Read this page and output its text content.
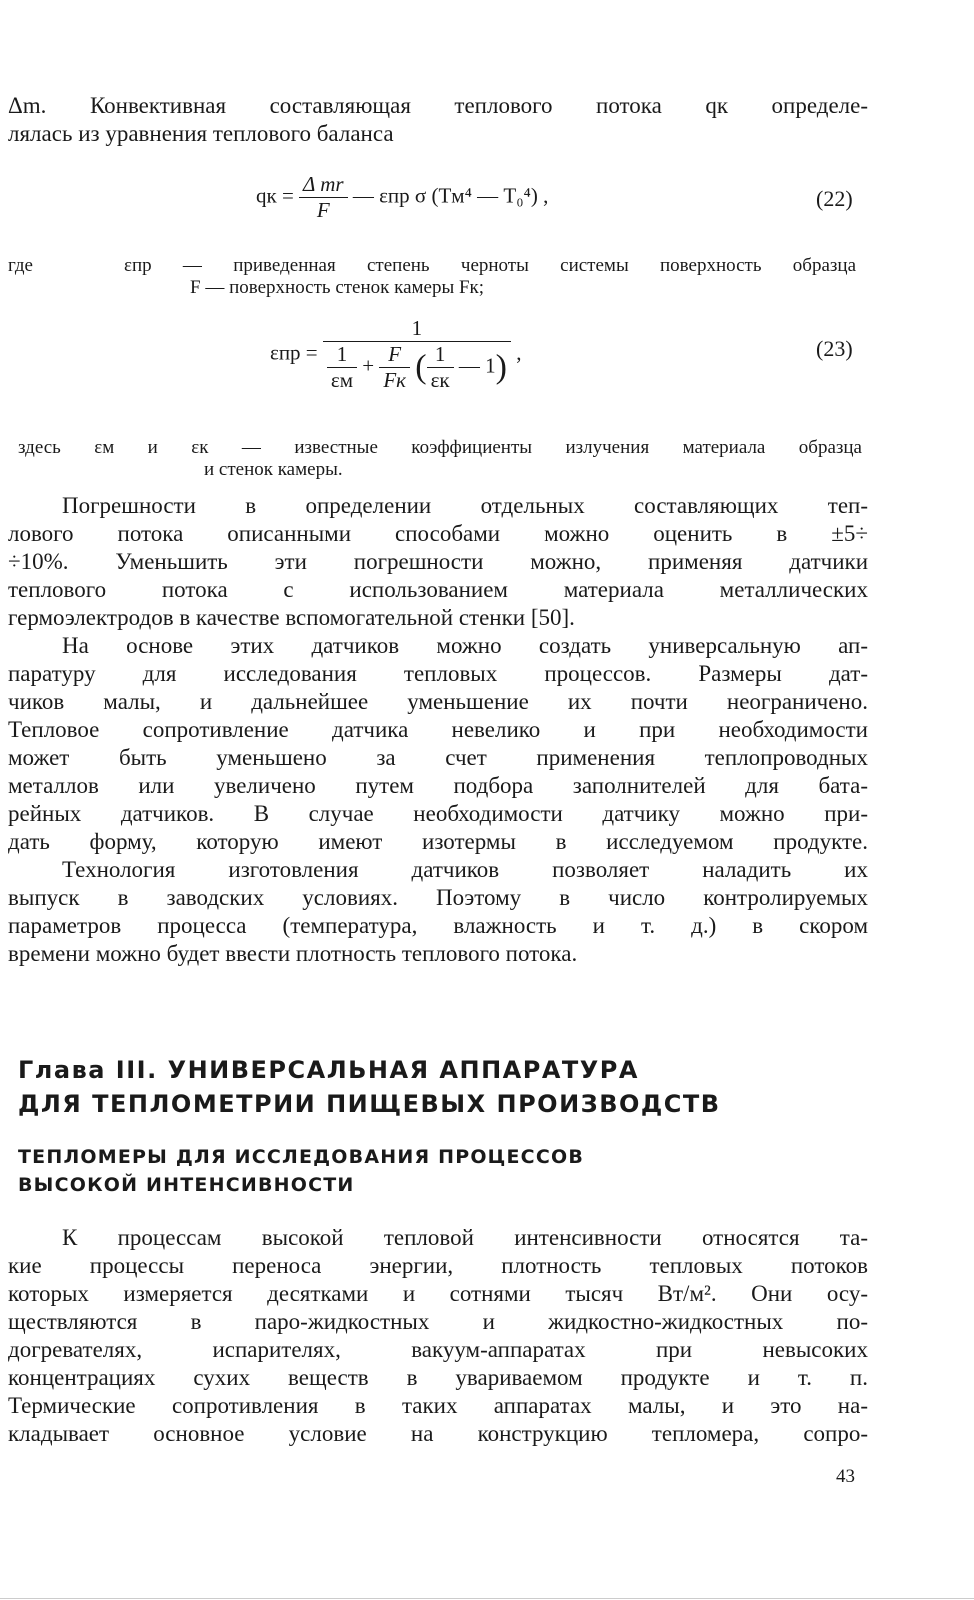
Δm. Конвективная составляющая теплового потока qк определе-
лялась из уравнения теплового баланса
qк = $\frac{\text{Δ mr}}{F}$ — εпр σ (Tм⁴ — T₀⁴) ,	(22)
где	εпр — приведенная степень черноты системы поверхность образца
F — поверхность стенок камеры Fк;
εпр =
1
$\frac{1}{\varepsilon м} + \frac{F}{Fк}$ ( $\frac{1}{\varepsilon к}$ — 1) ,	(23)
здесь εм и εк — известные коэффициенты излучения материала образца
и стенок камеры.
Погрешности в определении отдельных составляющих теп-
лового потока описанными способами можно оценить в ±5÷
÷10%. Уменьшить эти погрешности можно, применяя датчики
теплового потока с использованием материала металлических
гермоэлектродов в качестве вспомогательной стенки [50].
На основе этих датчиков можно создать универсальную ап-
паратуру для исследования тепловых процессов. Размеры дат-
чиков малы, и дальнейшее уменьшение их почти неограничено.
Тепловое сопротивление датчика невелико и при необходимости
может быть уменьшено за счет применения теплопроводных
металлов или увеличено путем подбора заполнителей для бата-
рейных датчиков. В случае необходимости датчику можно при-
дать форму, которую имеют изотермы в исследуемом продукте.
Технология изготовления датчиков позволяет наладить их
выпуск в заводских условиях. Поэтому в число контролируемых
параметров процесса (температура, влажность и т. д.) в скором
времени можно будет ввести плотность теплового потока.
Глава III. УНИВЕРСАЛЬНАЯ АППАРАТУРА
ДЛЯ ТЕПЛОМЕТРИИ ПИЩЕВЫХ ПРОИЗВОДСТВ
ТЕПЛОМЕРЫ ДЛЯ ИССЛЕДОВАНИЯ ПРОЦЕССОВ
ВЫСОКОЙ ИНТЕНСИВНОСТИ
К процессам высокой тепловой интенсивности относятся та-
кие процессы переноса энергии, плотность тепловых потоков
которых измеряется десятками и сотнями тысяч Вт/м². Они осу-
ществляются в паро-жидкостных и жидкостно-жидкостных по-
догревателях, испарителях, вакуум-аппаратах при невысоких
концентрациях сухих веществ в увариваемом продукте и т. п.
Термические сопротивления в таких аппаратах малы, и это на-
кладывает основное условие на конструкцию тепломера, сопро-
43
